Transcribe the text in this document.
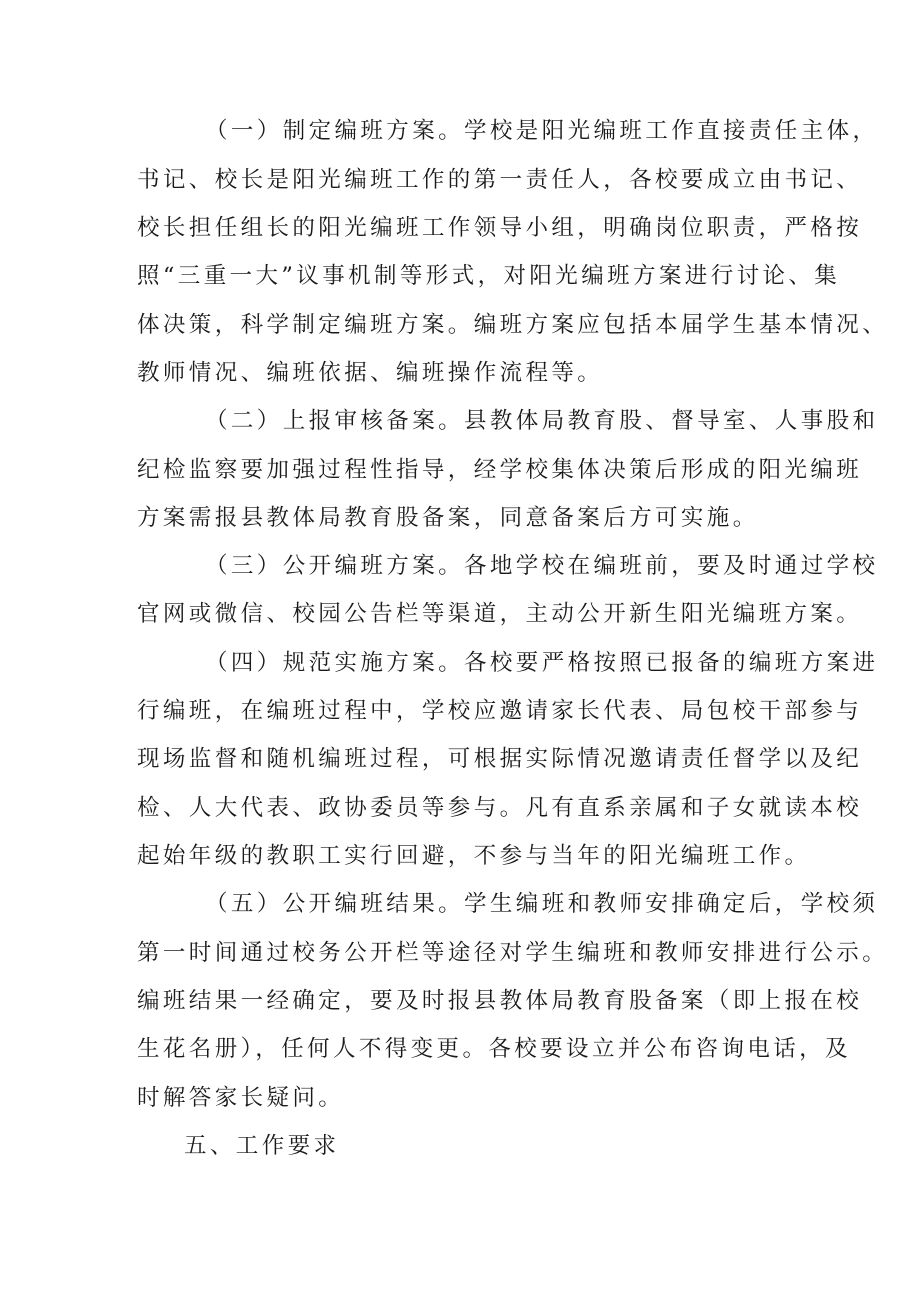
（一）制定编班方案。学校是阳光编班工作直接责任主体，
书记、校长是阳光编班工作的第一责任人，各校要成立由书记、
校长担任组长的阳光编班工作领导小组，明确岗位职责，严格按
照“三重一大”议事机制等形式，对阳光编班方案进行讨论、集
体决策，科学制定编班方案。编班方案应包括本届学生基本情况、
教师情况、编班依据、编班操作流程等。
（二）上报审核备案。县教体局教育股、督导室、人事股和
纪检监察要加强过程性指导，经学校集体决策后形成的阳光编班
方案需报县教体局教育股备案，同意备案后方可实施。
（三）公开编班方案。各地学校在编班前，要及时通过学校
官网或微信、校园公告栏等渠道，主动公开新生阳光编班方案。
（四）规范实施方案。各校要严格按照已报备的编班方案进
行编班，在编班过程中，学校应邀请家长代表、局包校干部参与
现场监督和随机编班过程，可根据实际情况邀请责任督学以及纪
检、人大代表、政协委员等参与。凡有直系亲属和子女就读本校
起始年级的教职工实行回避，不参与当年的阳光编班工作。
（五）公开编班结果。学生编班和教师安排确定后，学校须
第一时间通过校务公开栏等途径对学生编班和教师安排进行公示。
编班结果一经确定，要及时报县教体局教育股备案（即上报在校
生花名册），任何人不得变更。各校要设立并公布咨询电话，及
时解答家长疑问。
五、工作要求
